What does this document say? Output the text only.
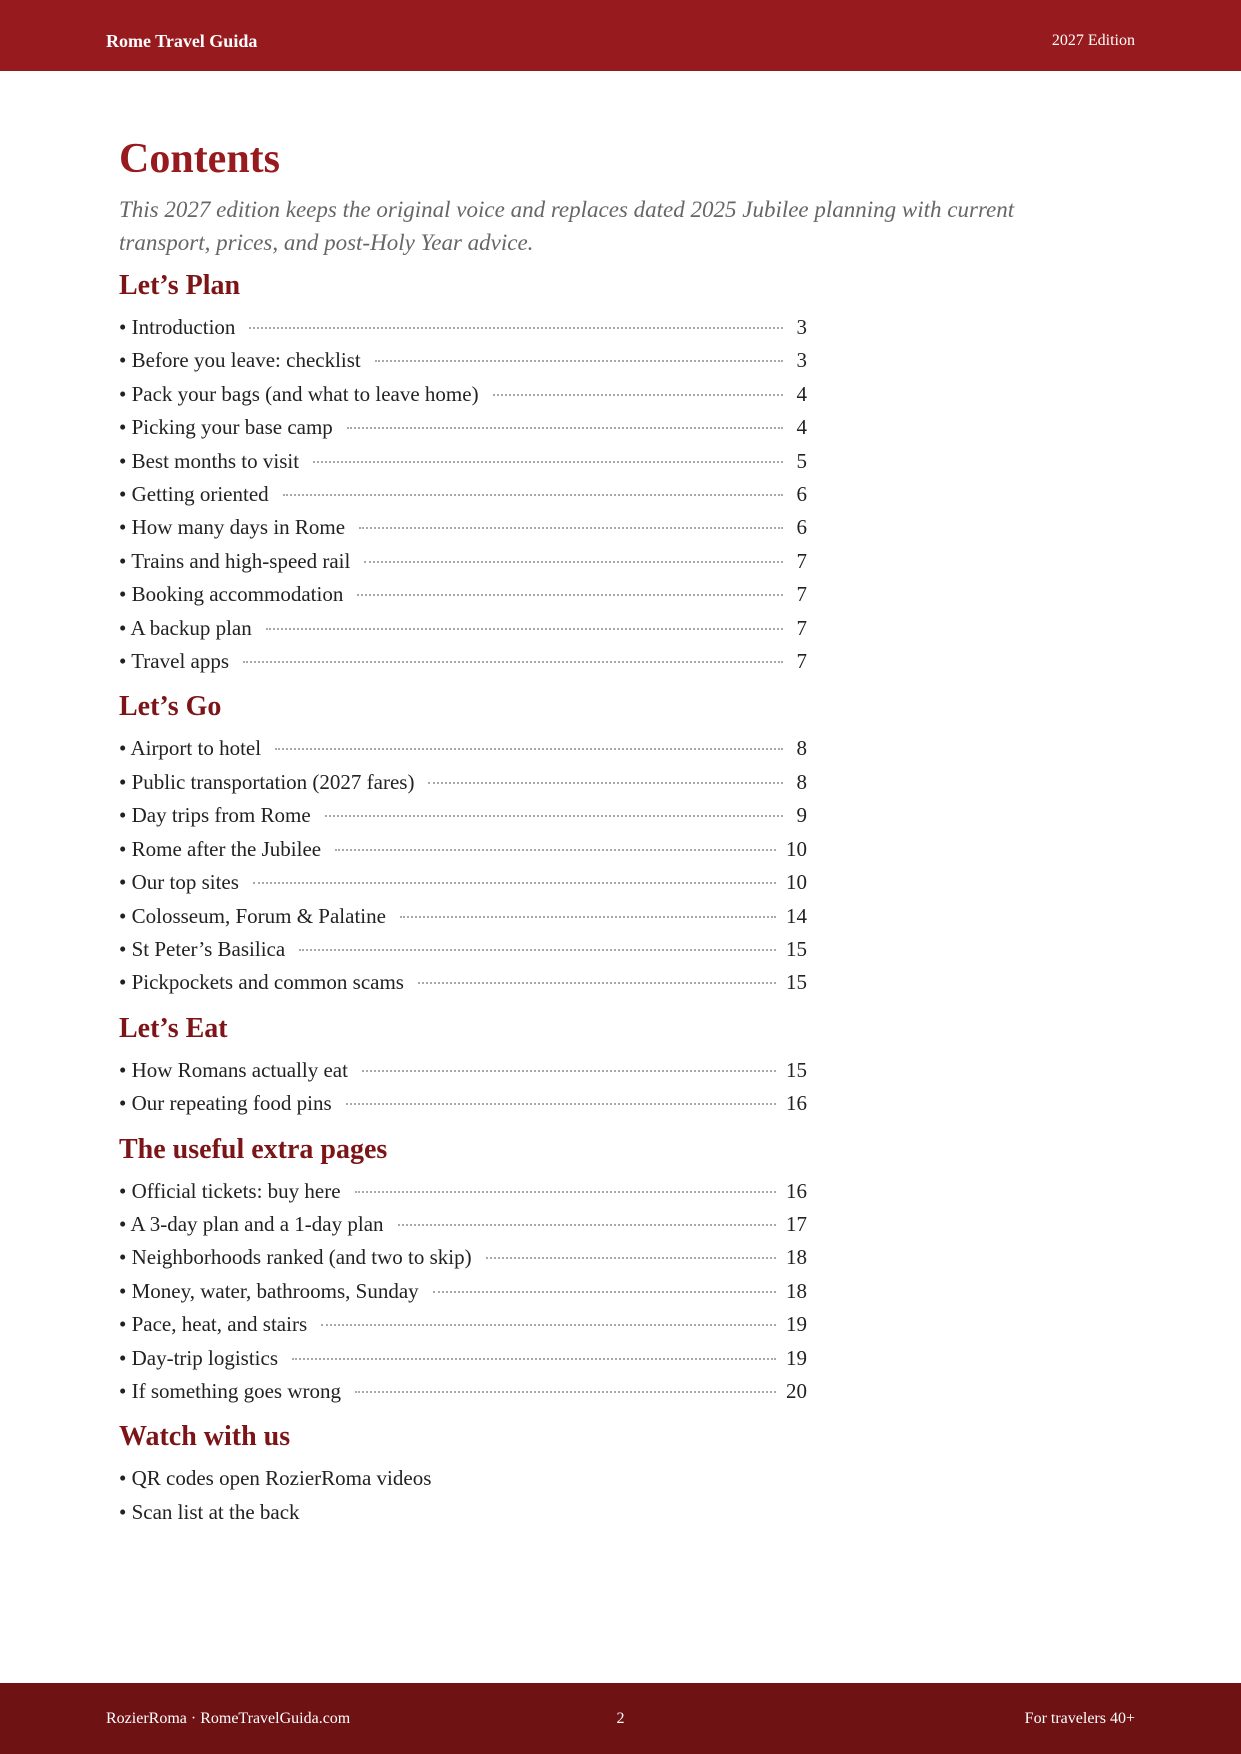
Rome Travel Guida	2027 Edition
Contents

This 2027 edition keeps the original voice and replaces dated 2025 Jubilee planning with current transport, prices, and post-Holy Year advice.

Let’s Plan
• Introduction	3
• Before you leave: checklist	3
• Pack your bags (and what to leave home)	4
• Picking your base camp	4
• Best months to visit	5
• Getting oriented	6
• How many days in Rome	6
• Trains and high-speed rail	7
• Booking accommodation	7
• A backup plan	7
• Travel apps	7
Let’s Go
• Airport to hotel	8
• Public transportation (2027 fares)	8
• Day trips from Rome	9
• Rome after the Jubilee	10
• Our top sites	10
• Colosseum, Forum & Palatine	14
• St Peter’s Basilica	15
• Pickpockets and common scams	15
Let’s Eat
• How Romans actually eat	15
• Our repeating food pins	16
The useful extra pages
• Official tickets: buy here	16
• A 3-day plan and a 1-day plan	17
• Neighborhoods ranked (and two to skip)	18
• Money, water, bathrooms, Sunday	18
• Pace, heat, and stairs	19
• Day-trip logistics	19
• If something goes wrong	20
Watch with us
• QR codes open RozierRoma videos
• Scan list at the back
RozierRoma · RomeTravelGuida.com	2	For travelers 40+
